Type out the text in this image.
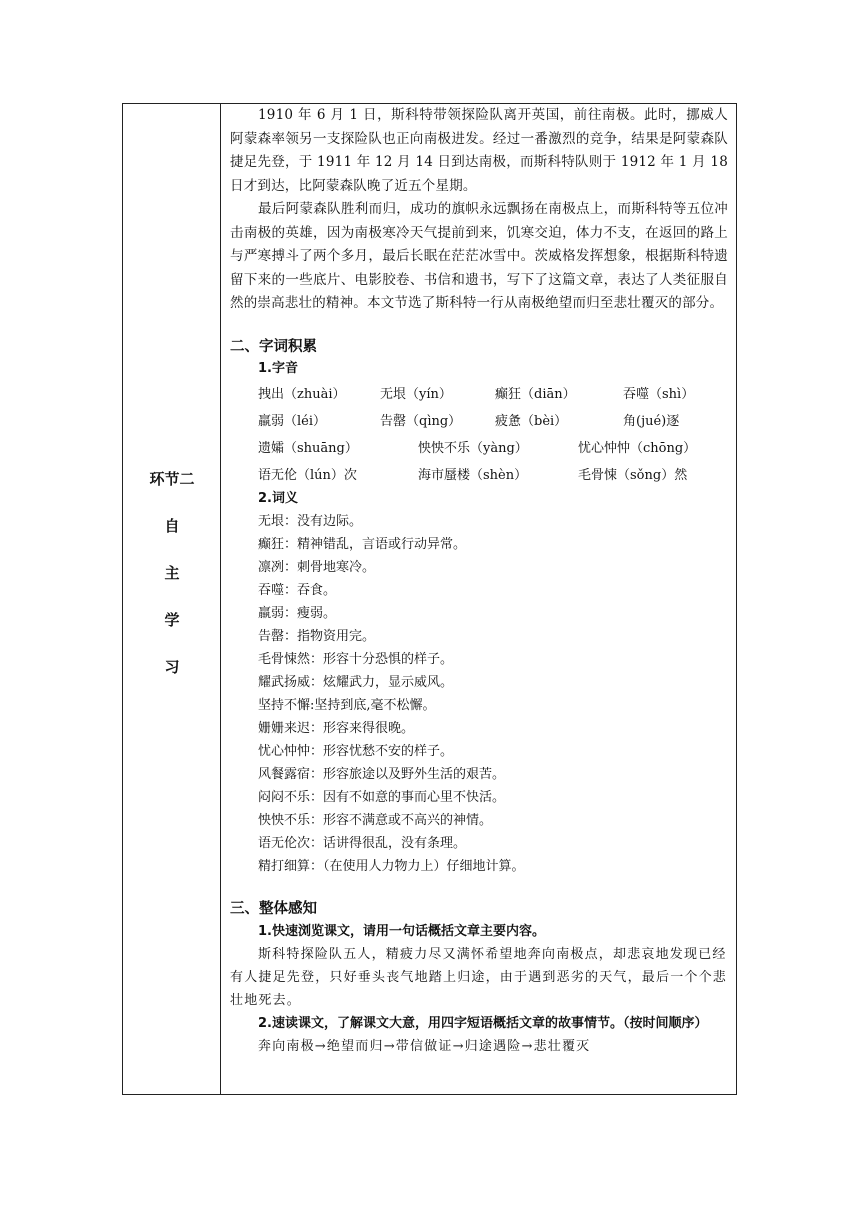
环节二
自
主
学
习

1910 年 6 月 1 日，斯科特带领探险队离开英国，前往南极。此时，挪威人阿蒙森率领另一支探险队也正向南极进发。经过一番激烈的竞争，结果是阿蒙森队捷足先登，于 1911 年 12 月 14 日到达南极，而斯科特队则于 1912 年 1 月 18 日才到达，比阿蒙森队晚了近五个星期。

最后阿蒙森队胜利而归，成功的旗帜永远飘扬在南极点上，而斯科特等五位冲击南极的英雄，因为南极寒冷天气提前到来，饥寒交迫，体力不支，在返回的路上与严寒搏斗了两个多月，最后长眠在茫茫冰雪中。茨威格发挥想象，根据斯科特遗留下来的一些底片、电影胶卷、书信和遗书，写下了这篇文章，表达了人类征服自然的崇高悲壮的精神。本文节选了斯科特一行从南极绝望而归至悲壮覆灭的部分。

二、字词积累
1.字音
拽出（zhuài）	无垠（yín）	癫狂（diān）	吞噬（shì）
羸弱（léi）	告罄（qìng）	疲惫（bèi）	角(jué)逐
遗孀（shuāng）	怏怏不乐（yàng）	忧心忡忡（chōng）
语无伦（lún）次	海市蜃楼（shèn）	毛骨悚（sǒng）然
2.词义
无垠：没有边际。
癫狂：精神错乱，言语或行动异常。
凛冽：刺骨地寒冷。
吞噬：吞食。
羸弱：瘦弱。
告罄：指物资用完。
毛骨悚然：形容十分恐惧的样子。
耀武扬威：炫耀武力，显示威风。
坚持不懈:坚持到底,毫不松懈。
姗姗来迟：形容来得很晚。
忧心忡忡：形容忧愁不安的样子。
风餐露宿：形容旅途以及野外生活的艰苦。
闷闷不乐：因有不如意的事而心里不快活。
怏怏不乐：形容不满意或不高兴的神情。
语无伦次：话讲得很乱，没有条理。
精打细算：（在使用人力物力上）仔细地计算。
三、整体感知

1.快速浏览课文，请用一句话概括文章主要内容。

斯科特探险队五人，精疲力尽又满怀希望地奔向南极点，却悲哀地发现已经有人捷足先登，只好垂头丧气地踏上归途，由于遇到恶劣的天气，最后一个个悲壮地死去。

2.速读课文，了解课文大意，用四字短语概括文章的故事情节。（按时间顺序）

奔向南极→绝望而归→带信做证→归途遇险→悲壮覆灭
